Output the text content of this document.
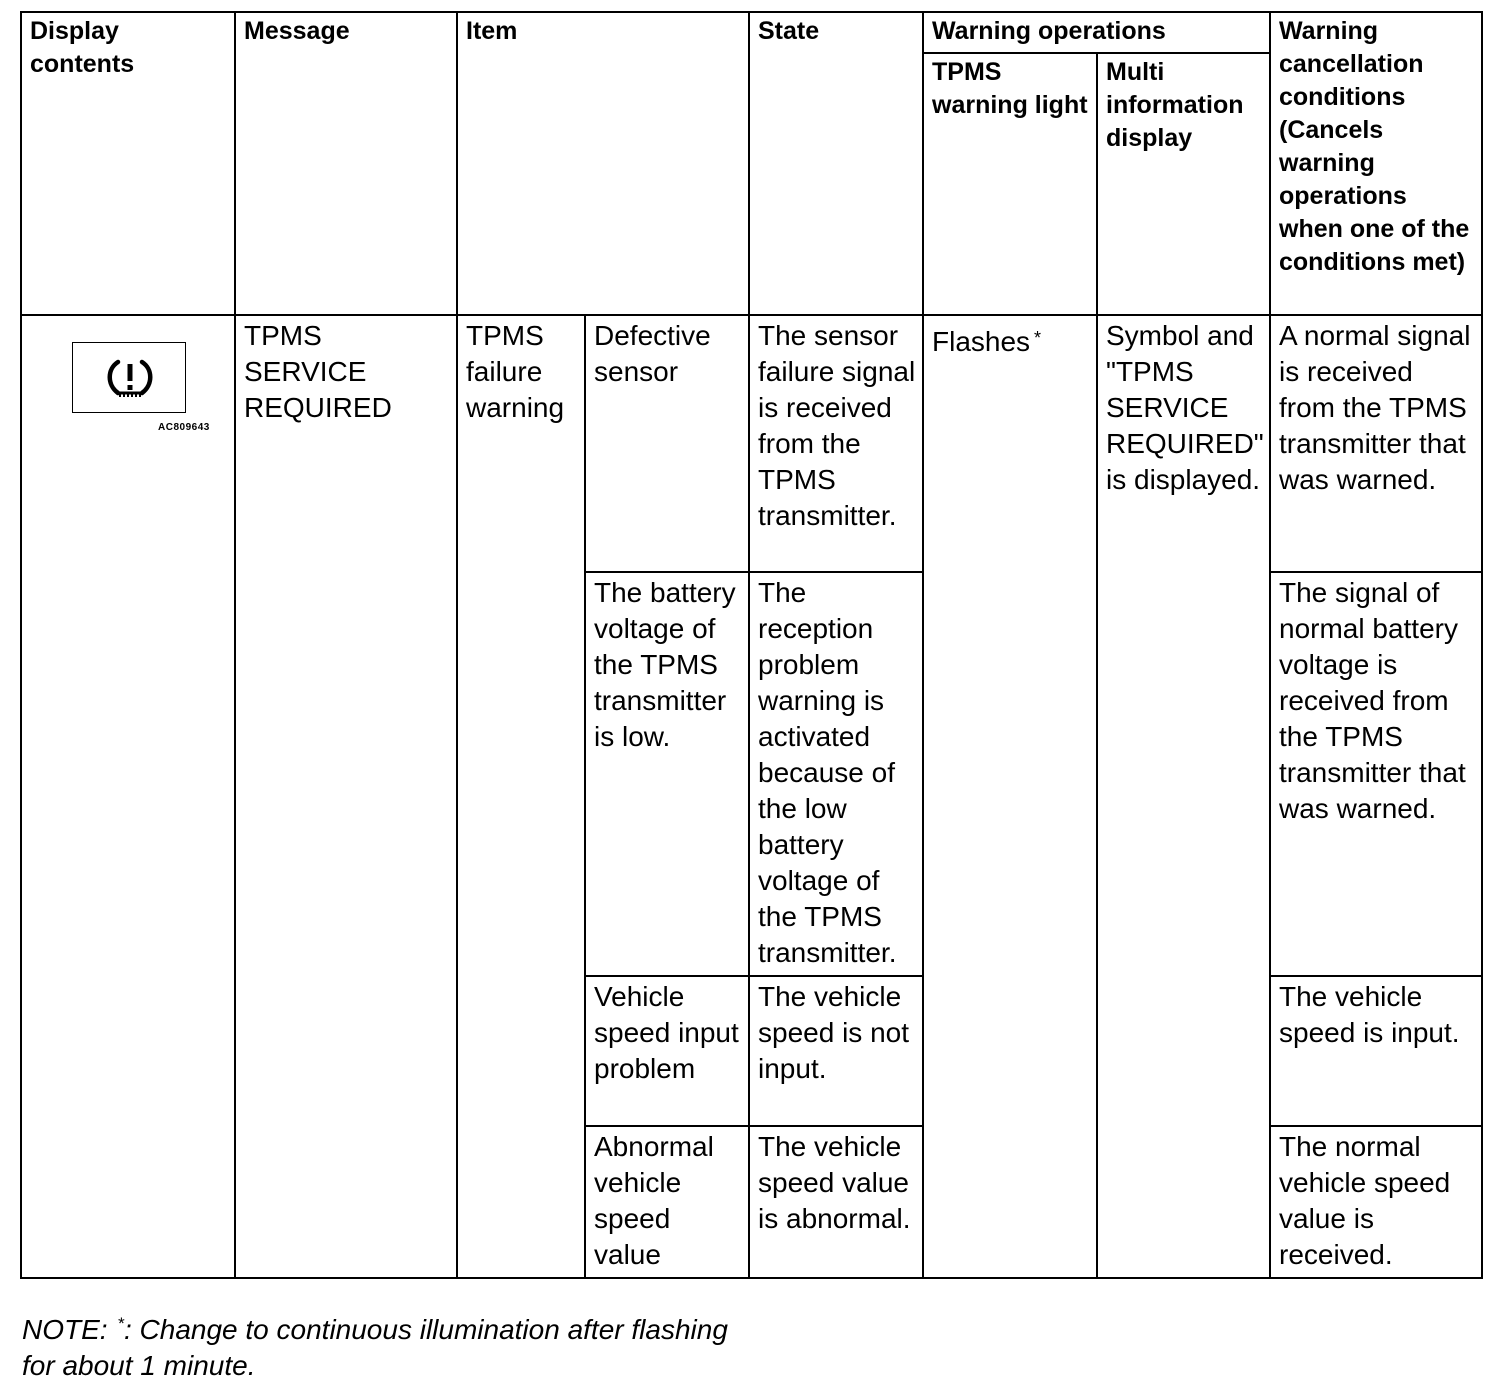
Display contents	Message	Item		State	Warning operations		Warning cancellation conditions (Cancels warning operations when one of the conditions met)
					TPMS warning light	Multi information display	

AC809643	TPMS SERVICE REQUIRED	TPMS failure warning	Defective sensor	The sensor failure signal is received from the TPMS transmitter.	Flashes *	Symbol and "TPMS SERVICE REQUIRED" is displayed.	A normal signal is received from the TPMS transmitter that was warned.
			The battery voltage of the TPMS transmitter is low.	The reception problem warning is activated because of the low battery voltage of the TPMS transmitter.			The signal of normal battery voltage is received from the TPMS transmitter that was warned.
			Vehicle speed input problem	The vehicle speed is not input.			The vehicle speed is input.
			Abnormal vehicle speed value	The vehicle speed value is abnormal.			The normal vehicle speed value is received.
NOTE: *: Change to continuous illumination after flashing for about 1 minute.
